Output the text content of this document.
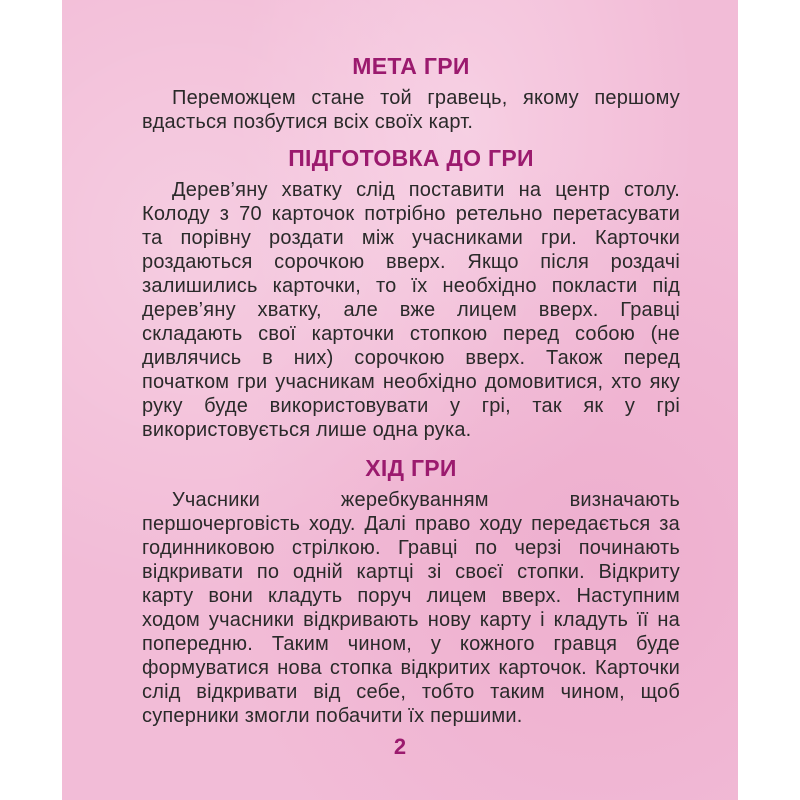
МЕТА ГРИ

Переможцем стане той гравець, якому першому вдасться позбутися всіх своїх карт.

ПІДГОТОВКА ДО ГРИ

Дерев’яну хватку слід поставити на центр столу. Колоду з 70 карточок потрібно ретельно перетасувати та порівну роздати між учасниками гри. Карточки роздаються сорочкою вверх. Якщо після роздачі залишились карточки, то їх необхідно покласти під дерев’яну хватку, але вже лицем вверх. Гравці складають свої карточки стопкою перед собою (не дивлячись в них) сорочкою вверх. Також перед початком гри учасникам необхідно домовитися, хто яку руку буде використовувати у грі, так як у грі використовується лише одна рука.

ХІД ГРИ

Учасники жеребкуванням визначають першочерговість ходу. Далі право ходу передається за годинниковою стрілкою. Гравці по черзі починають відкривати по одній картці зі своєї стопки. Відкриту карту вони кладуть поруч лицем вверх. Наступним ходом учасники відкривають нову карту і кладуть її на попередню. Таким чином, у кожного гравця буде формуватися нова стопка відкритих карточок. Карточки слід відкривати від себе, тобто таким чином, щоб суперники змогли побачити їх першими.

2
